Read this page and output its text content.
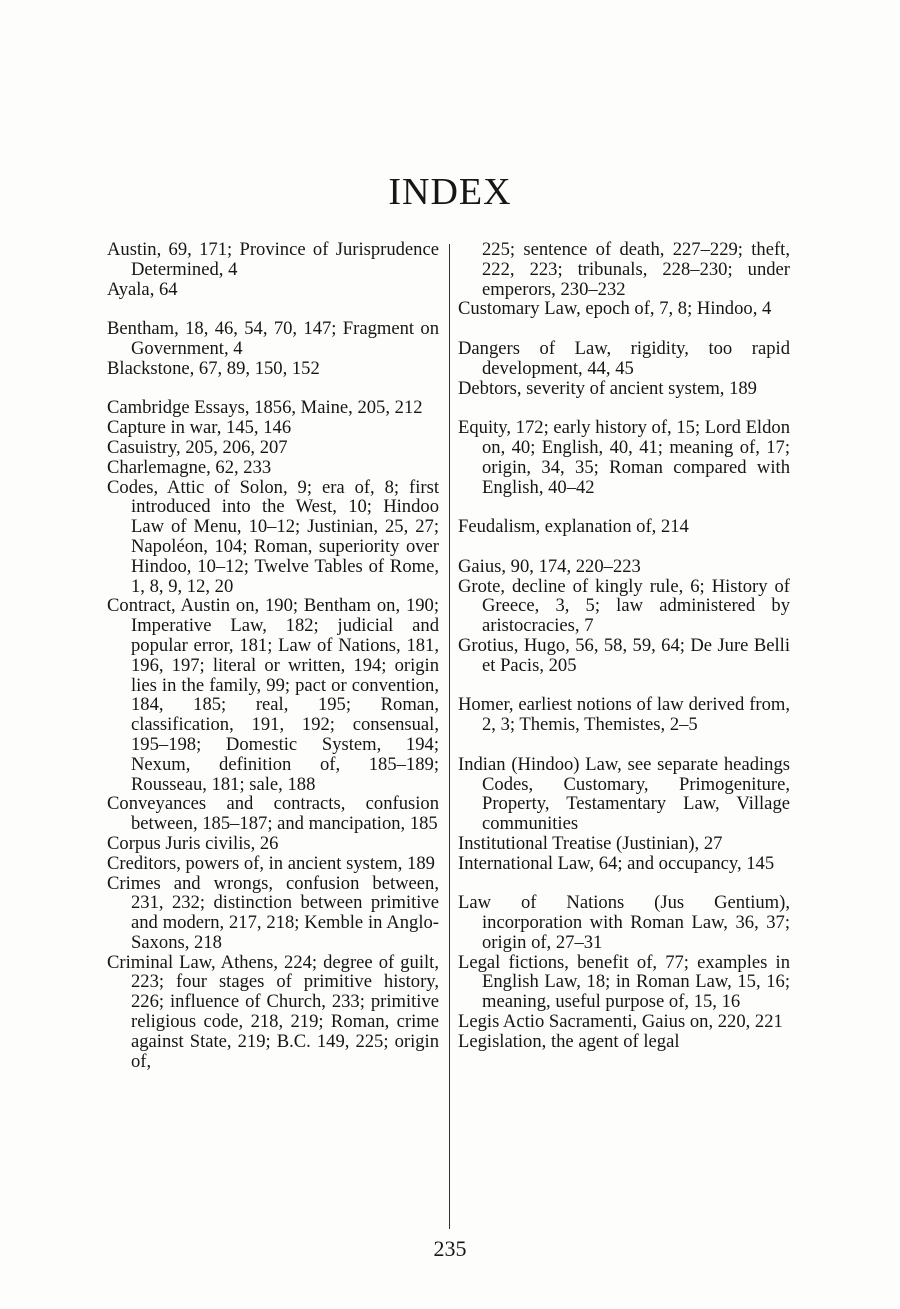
INDEX
Austin, 69, 171; Province of Jurisprudence Determined, 4
Ayala, 64
Bentham, 18, 46, 54, 70, 147; Fragment on Government, 4
Blackstone, 67, 89, 150, 152
Cambridge Essays, 1856, Maine, 205, 212
Capture in war, 145, 146
Casuistry, 205, 206, 207
Charlemagne, 62, 233
Codes, Attic of Solon, 9; era of, 8; first introduced into the West, 10; Hindoo Law of Menu, 10–12; Justinian, 25, 27; Napoléon, 104; Roman, superiority over Hindoo, 10–12; Twelve Tables of Rome, 1, 8, 9, 12, 20
Contract, Austin on, 190; Bentham on, 190; Imperative Law, 182; judicial and popular error, 181; Law of Nations, 181, 196, 197; literal or written, 194; origin lies in the family, 99; pact or convention, 184, 185; real, 195; Roman, classification, 191, 192; consensual, 195–198; Domestic System, 194; Nexum, definition of, 185–189; Rousseau, 181; sale, 188
Conveyances and contracts, confusion between, 185–187; and mancipation, 185
Corpus Juris civilis, 26
Creditors, powers of, in ancient system, 189
Crimes and wrongs, confusion between, 231, 232; distinction between primitive and modern, 217, 218; Kemble in Anglo-Saxons, 218
Criminal Law, Athens, 224; degree of guilt, 223; four stages of primitive history, 226; influence of Church, 233; primitive religious code, 218, 219; Roman, crime against State, 219; B.C. 149, 225; origin of,
225; sentence of death, 227–229; theft, 222, 223; tribunals, 228–230; under emperors, 230–232
Customary Law, epoch of, 7, 8; Hindoo, 4
Dangers of Law, rigidity, too rapid development, 44, 45
Debtors, severity of ancient system, 189
Equity, 172; early history of, 15; Lord Eldon on, 40; English, 40, 41; meaning of, 17; origin, 34, 35; Roman compared with English, 40–42
Feudalism, explanation of, 214
Gaius, 90, 174, 220–223
Grote, decline of kingly rule, 6; History of Greece, 3, 5; law administered by aristocracies, 7
Grotius, Hugo, 56, 58, 59, 64; De Jure Belli et Pacis, 205
Homer, earliest notions of law derived from, 2, 3; Themis, Themistes, 2–5
Indian (Hindoo) Law, see separate headings Codes, Customary, Primogeniture, Property, Testamentary Law, Village communities
Institutional Treatise (Justinian), 27
International Law, 64; and occupancy, 145
Law of Nations (Jus Gentium), incorporation with Roman Law, 36, 37; origin of, 27–31
Legal fictions, benefit of, 77; examples in English Law, 18; in Roman Law, 15, 16; meaning, useful purpose of, 15, 16
Legis Actio Sacramenti, Gaius on, 220, 221
Legislation, the agent of legal
235
